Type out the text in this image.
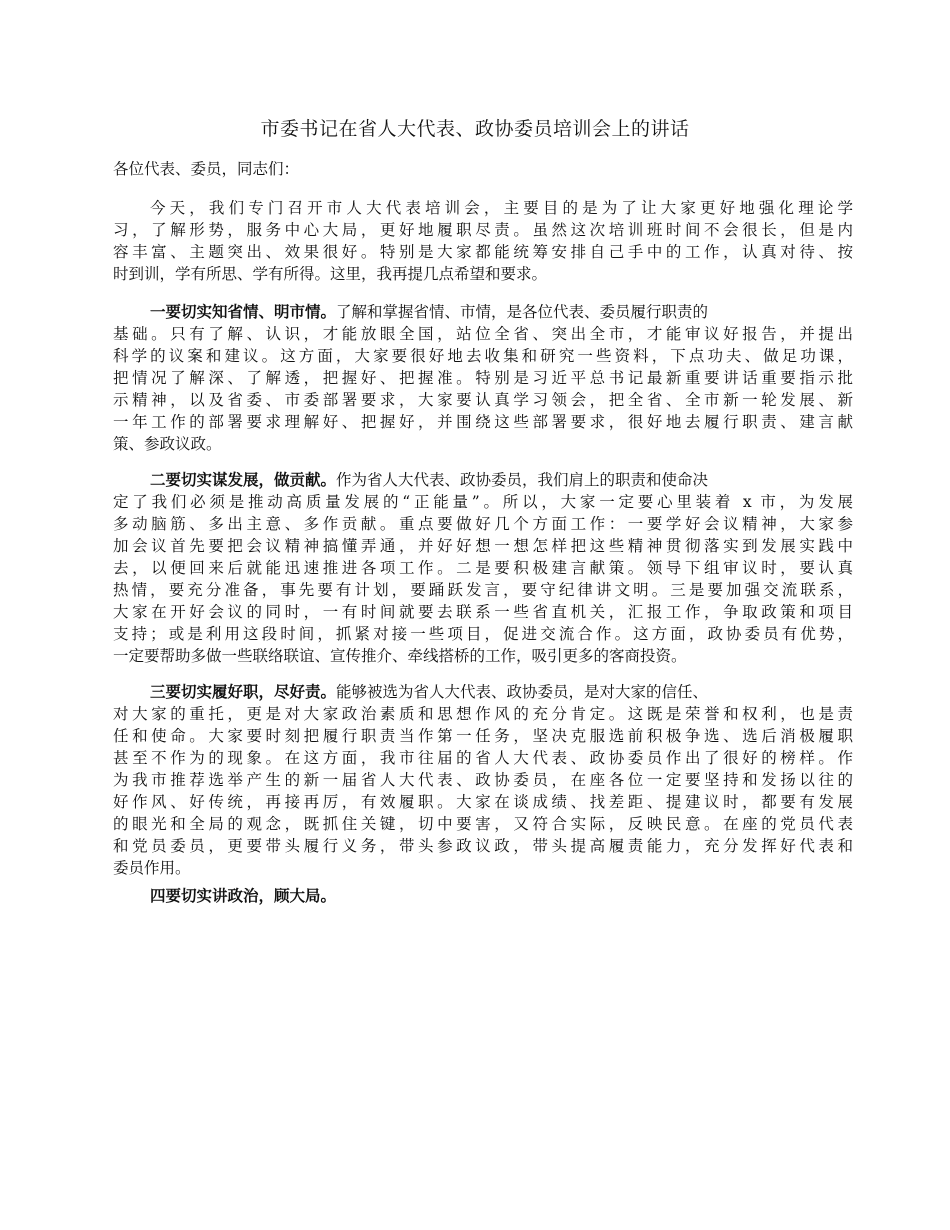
市委书记在省人大代表、政协委员培训会上的讲话
各位代表、委员，同志们：
今天，我们专门召开市人大代表培训会，主要目的是为了让大家更好地强化理论学
习，了解形势，服务中心大局，更好地履职尽责。虽然这次培训班时间不会很长，但是内
容丰富、主题突出、效果很好。特别是大家都能统筹安排自己手中的工作，认真对待、按
时到训，学有所思、学有所得。这里，我再提几点希望和要求。
一要切实知省情、明市情。了解和掌握省情、市情，是各位代表、委员履行职责的
基础。只有了解、认识，才能放眼全国，站位全省、突出全市，才能审议好报告，并提出
科学的议案和建议。这方面，大家要很好地去收集和研究一些资料，下点功夫、做足功课，
把情况了解深、了解透，把握好、把握准。特别是习近平总书记最新重要讲话重要指示批
示精神，以及省委、市委部署要求，大家要认真学习领会，把全省、全市新一轮发展、新
一年工作的部署要求理解好、把握好，并围绕这些部署要求，很好地去履行职责、建言献
策、参政议政。
二要切实谋发展，做贡献。作为省人大代表、政协委员，我们肩上的职责和使命决
定了我们必须是推动高质量发展的“正能量”。所以，大家一定要心里装着 x 市，为发展
多动脑筋、多出主意、多作贡献。重点要做好几个方面工作：一要学好会议精神，大家参
加会议首先要把会议精神搞懂弄通，并好好想一想怎样把这些精神贯彻落实到发展实践中
去，以便回来后就能迅速推进各项工作。二是要积极建言献策。领导下组审议时，要认真
热情，要充分准备，事先要有计划，要踊跃发言，要守纪律讲文明。三是要加强交流联系，
大家在开好会议的同时，一有时间就要去联系一些省直机关，汇报工作，争取政策和项目
支持；或是利用这段时间，抓紧对接一些项目，促进交流合作。这方面，政协委员有优势，
一定要帮助多做一些联络联谊、宣传推介、牵线搭桥的工作，吸引更多的客商投资。
三要切实履好职，尽好责。能够被选为省人大代表、政协委员，是对大家的信任、
对大家的重托，更是对大家政治素质和思想作风的充分肯定。这既是荣誉和权利，也是责
任和使命。大家要时刻把履行职责当作第一任务，坚决克服选前积极争选、选后消极履职
甚至不作为的现象。在这方面，我市往届的省人大代表、政协委员作出了很好的榜样。作
为我市推荐选举产生的新一届省人大代表、政协委员，在座各位一定要坚持和发扬以往的
好作风、好传统，再接再厉，有效履职。大家在谈成绩、找差距、提建议时，都要有发展
的眼光和全局的观念，既抓住关键，切中要害，又符合实际，反映民意。在座的党员代表
和党员委员，更要带头履行义务，带头参政议政，带头提高履责能力，充分发挥好代表和
委员作用。
四要切实讲政治，顾大局。
